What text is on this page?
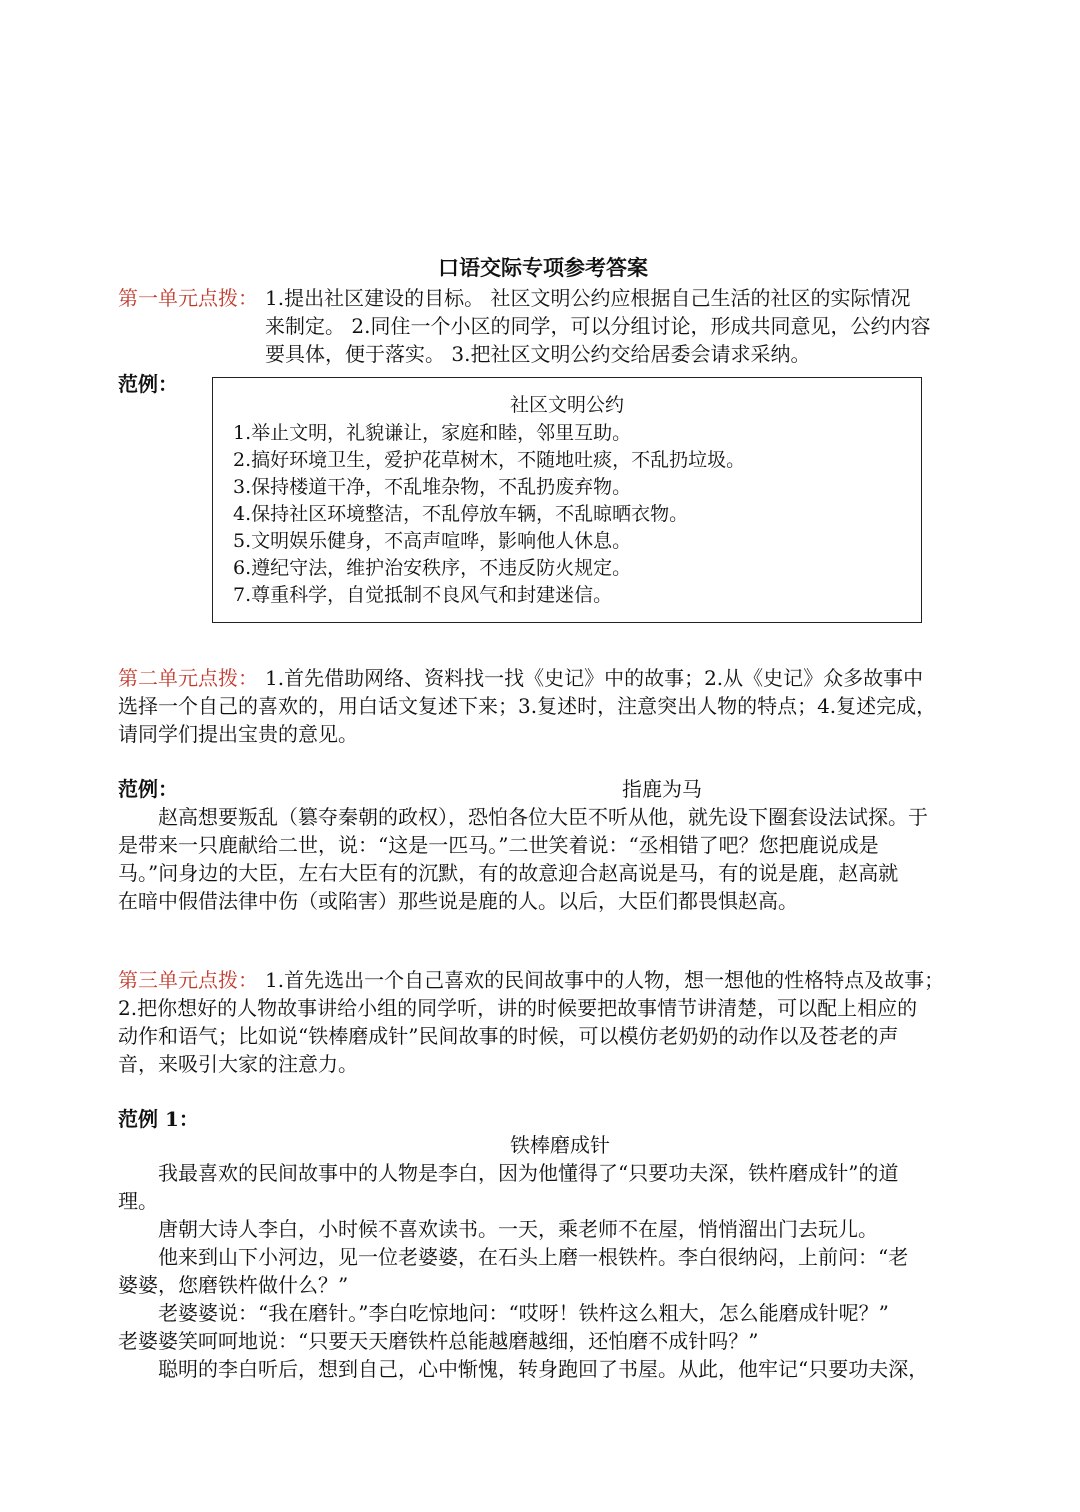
口语交际专项参考答案
第一单元点拨： 1.提出社区建设的目标。 社区文明公约应根据自己生活的社区的实际情况
来制定。 2.同住一个小区的同学，可以分组讨论，形成共同意见，公约内容
要具体，便于落实。 3.把社区文明公约交给居委会请求采纳。
范例：
社区文明公约
1.举止文明，礼貌谦让，家庭和睦，邻里互助。
2.搞好环境卫生，爱护花草树木，不随地吐痰，不乱扔垃圾。
3.保持楼道干净，不乱堆杂物，不乱扔废弃物。
4.保持社区环境整洁，不乱停放车辆，不乱晾晒衣物。
5.文明娱乐健身，不高声喧哗，影响他人休息。
6.遵纪守法，维护治安秩序，不违反防火规定。
7.尊重科学，自觉抵制不良风气和封建迷信。
第二单元点拨： 1.首先借助网络、资料找一找《史记》中的故事；2.从《史记》众多故事中
选择一个自己的喜欢的，用白话文复述下来；3.复述时，注意突出人物的特点；4.复述完成，
请同学们提出宝贵的意见。
范例：	指鹿为马
赵高想要叛乱（篡夺秦朝的政权），恐怕各位大臣不听从他，就先设下圈套设法试探。于
是带来一只鹿献给二世，说：“这是一匹马。”二世笑着说：“丞相错了吧？您把鹿说成是
马。”问身边的大臣，左右大臣有的沉默，有的故意迎合赵高说是马，有的说是鹿，赵高就
在暗中假借法律中伤（或陷害）那些说是鹿的人。以后，大臣们都畏惧赵高。
第三单元点拨： 1.首先选出一个自己喜欢的民间故事中的人物，想一想他的性格特点及故事；
2.把你想好的人物故事讲给小组的同学听，讲的时候要把故事情节讲清楚，可以配上相应的
动作和语气；比如说“铁棒磨成针”民间故事的时候，可以模仿老奶奶的动作以及苍老的声
音，来吸引大家的注意力。
范例 1：
铁棒磨成针
我最喜欢的民间故事中的人物是李白，因为他懂得了“只要功夫深，铁杵磨成针”的道
理。
唐朝大诗人李白，小时候不喜欢读书。一天，乘老师不在屋，悄悄溜出门去玩儿。
他来到山下小河边，见一位老婆婆，在石头上磨一根铁杵。李白很纳闷，上前问：“老
婆婆，您磨铁杵做什么？”
老婆婆说：“我在磨针。”李白吃惊地问：“哎呀！铁杵这么粗大，怎么能磨成针呢？”
老婆婆笑呵呵地说：“只要天天磨铁杵总能越磨越细，还怕磨不成针吗？”
聪明的李白听后，想到自己，心中惭愧，转身跑回了书屋。从此，他牢记“只要功夫深，
